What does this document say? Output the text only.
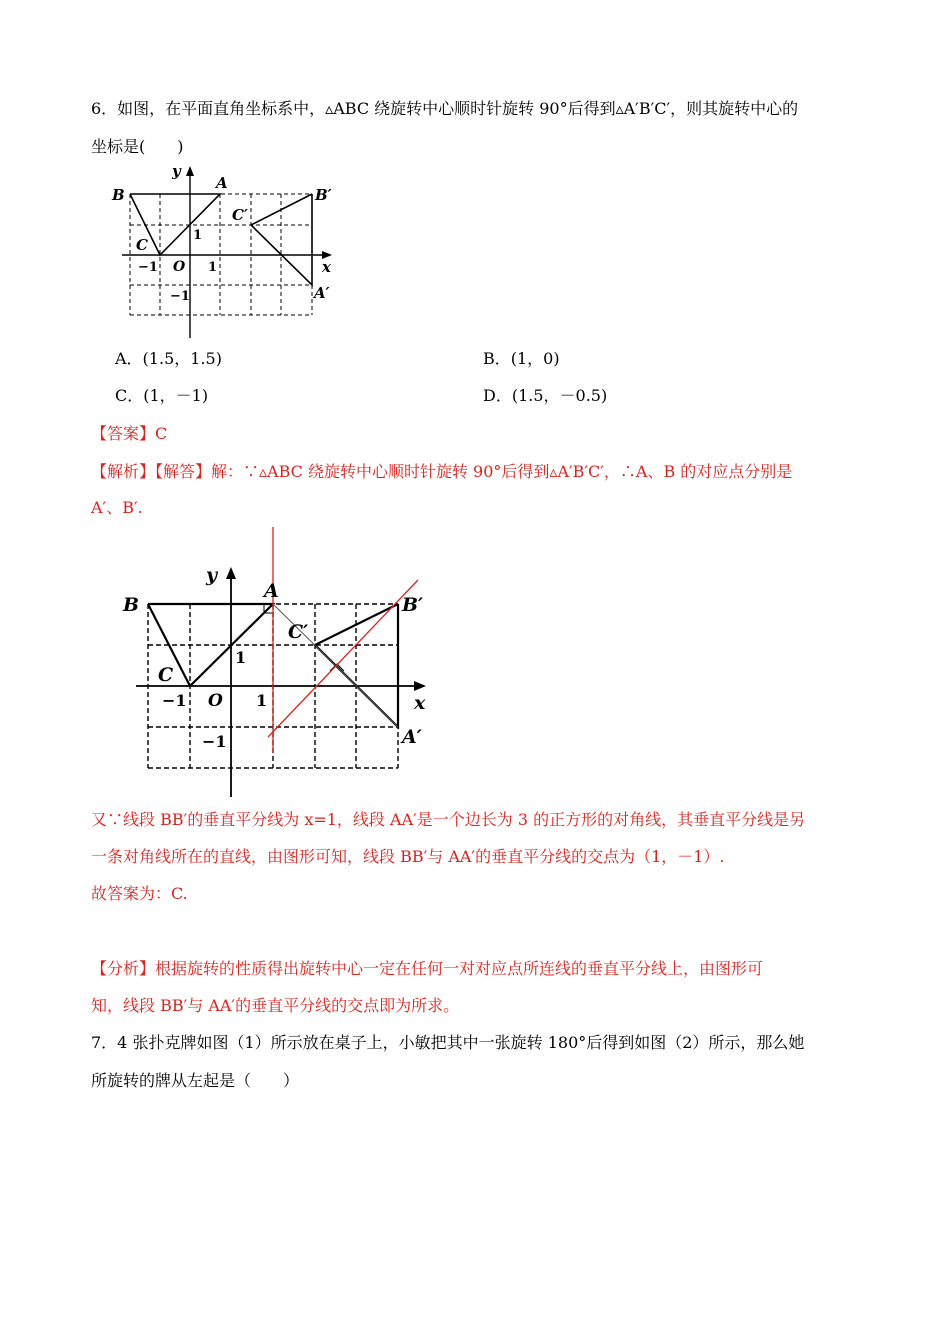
6．如图，在平面直角坐标系中，▵ABC 绕旋转中心顺时针旋转 90°后得到▵A′B′C′，则其旋转中心的
坐标是(　　)
B
A
B′
C′
C
A′
y
x
O
1
1
−1
−1
A．(1.5，1.5)	B．(1，0)
C．(1，－1)	D．(1.5，－0.5)
【答案】C
【解析】【解答】解：∵▵ABC 绕旋转中心顺时针旋转 90°后得到▵A′B′C′，∴A、B 的对应点分别是
A′、B′.
B
A
B′
C′
C
A′
y
x
O
1
1
−1
−1
又∵线段 BB′的垂直平分线为 x=1，线段 AA′是一个边长为 3 的正方形的对角线，其垂直平分线是另
一条对角线所在的直线，由图形可知，线段 BB′与 AA′的垂直平分线的交点为（1，－1）.
故答案为：C.
【分析】根据旋转的性质得出旋转中心一定在任何一对对应点所连线的垂直平分线上，由图形可
知，线段 BB′与 AA′的垂直平分线的交点即为所求。
7．4 张扑克牌如图（1）所示放在桌子上，小敏把其中一张旋转 180°后得到如图（2）所示，那么她
所旋转的牌从左起是（　　）
